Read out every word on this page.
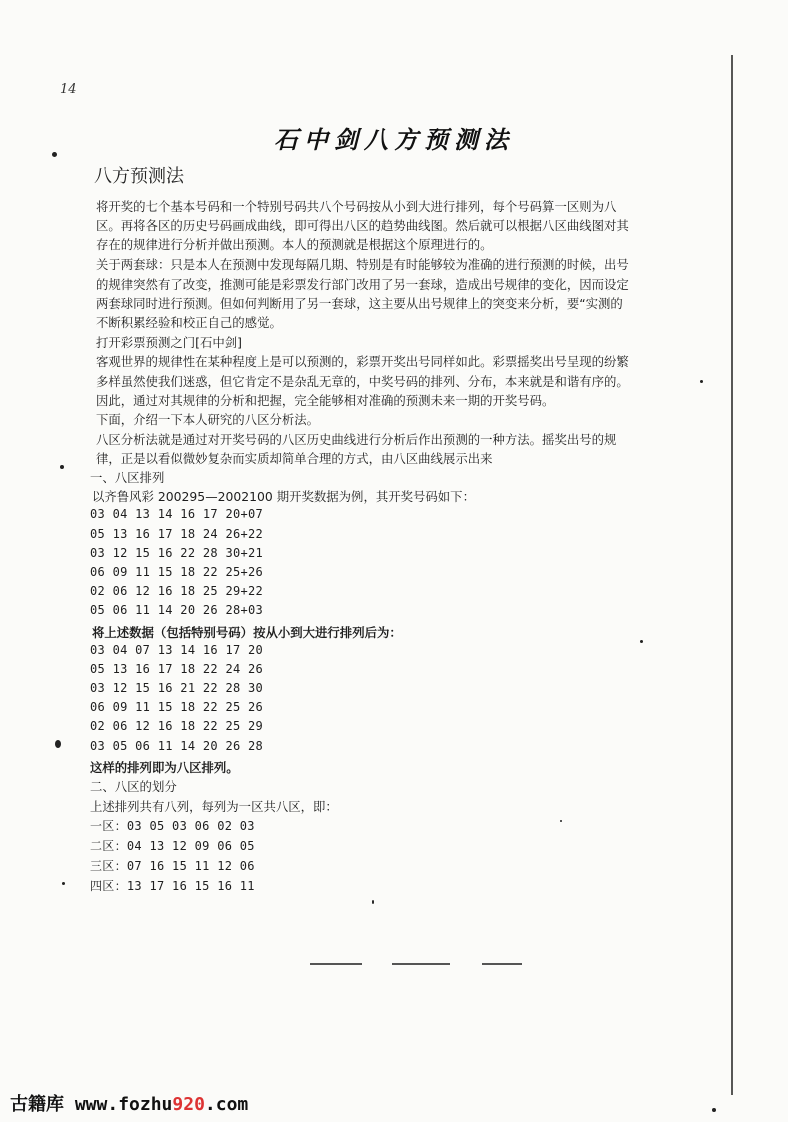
14
石中剑八方预测法
八方预测法
将开奖的七个基本号码和一个特别号码共八个号码按从小到大进行排列，每个号码算一区则为八
区。再将各区的历史号码画成曲线，即可得出八区的趋势曲线图。然后就可以根据八区曲线图对其
存在的规律进行分析并做出预测。本人的预测就是根据这个原理进行的。
关于两套球：只是本人在预测中发现每隔几期、特别是有时能够较为准确的进行预测的时候，出号
的规律突然有了改变，推测可能是彩票发行部门改用了另一套球，造成出号规律的变化，因而设定
两套球同时进行预测。但如何判断用了另一套球，这主要从出号规律上的突变来分析，要“实测的
不断积累经验和校正自己的感觉。
打开彩票预测之门[石中剑]
客观世界的规律性在某种程度上是可以预测的，彩票开奖出号同样如此。彩票摇奖出号呈现的纷繁
多样虽然使我们迷惑，但它肯定不是杂乱无章的，中奖号码的排列、分布，本来就是和谐有序的。
因此，通过对其规律的分析和把握，完全能够相对准确的预测未来一期的开奖号码。
下面，介绍一下本人研究的八区分析法。
八区分析法就是通过对开奖号码的八区历史曲线进行分析后作出预测的一种方法。摇奖出号的规
律，正是以看似微妙复杂而实质却简单合理的方式，由八区曲线展示出来
一、八区排列
以齐鲁风彩 200295—2002100 期开奖数据为例，其开奖号码如下：
03 04 13 14 16 17 20+07
05 13 16 17 18 24 26+22
03 12 15 16 22 28 30+21
06 09 11 15 18 22 25+26
02 06 12 16 18 25 29+22
05 06 11 14 20 26 28+03
将上述数据（包括特别号码）按从小到大进行排列后为：
03 04 07 13 14 16 17 20
05 13 16 17 18 22 24 26
03 12 15 16 21 22 28 30
06 09 11 15 18 22 25 26
02 06 12 16 18 22 25 29
03 05 06 11 14 20 26 28
这样的排列即为八区排列。
二、八区的划分
上述排列共有八列，每列为一区共八区，即：
一区：03 05 03 06 02 03
二区：04 13 12 09 06 05
三区：07 16 15 11 12 06
四区：13 17 16 15 16 11
古籍库 www.fozhu920.com
